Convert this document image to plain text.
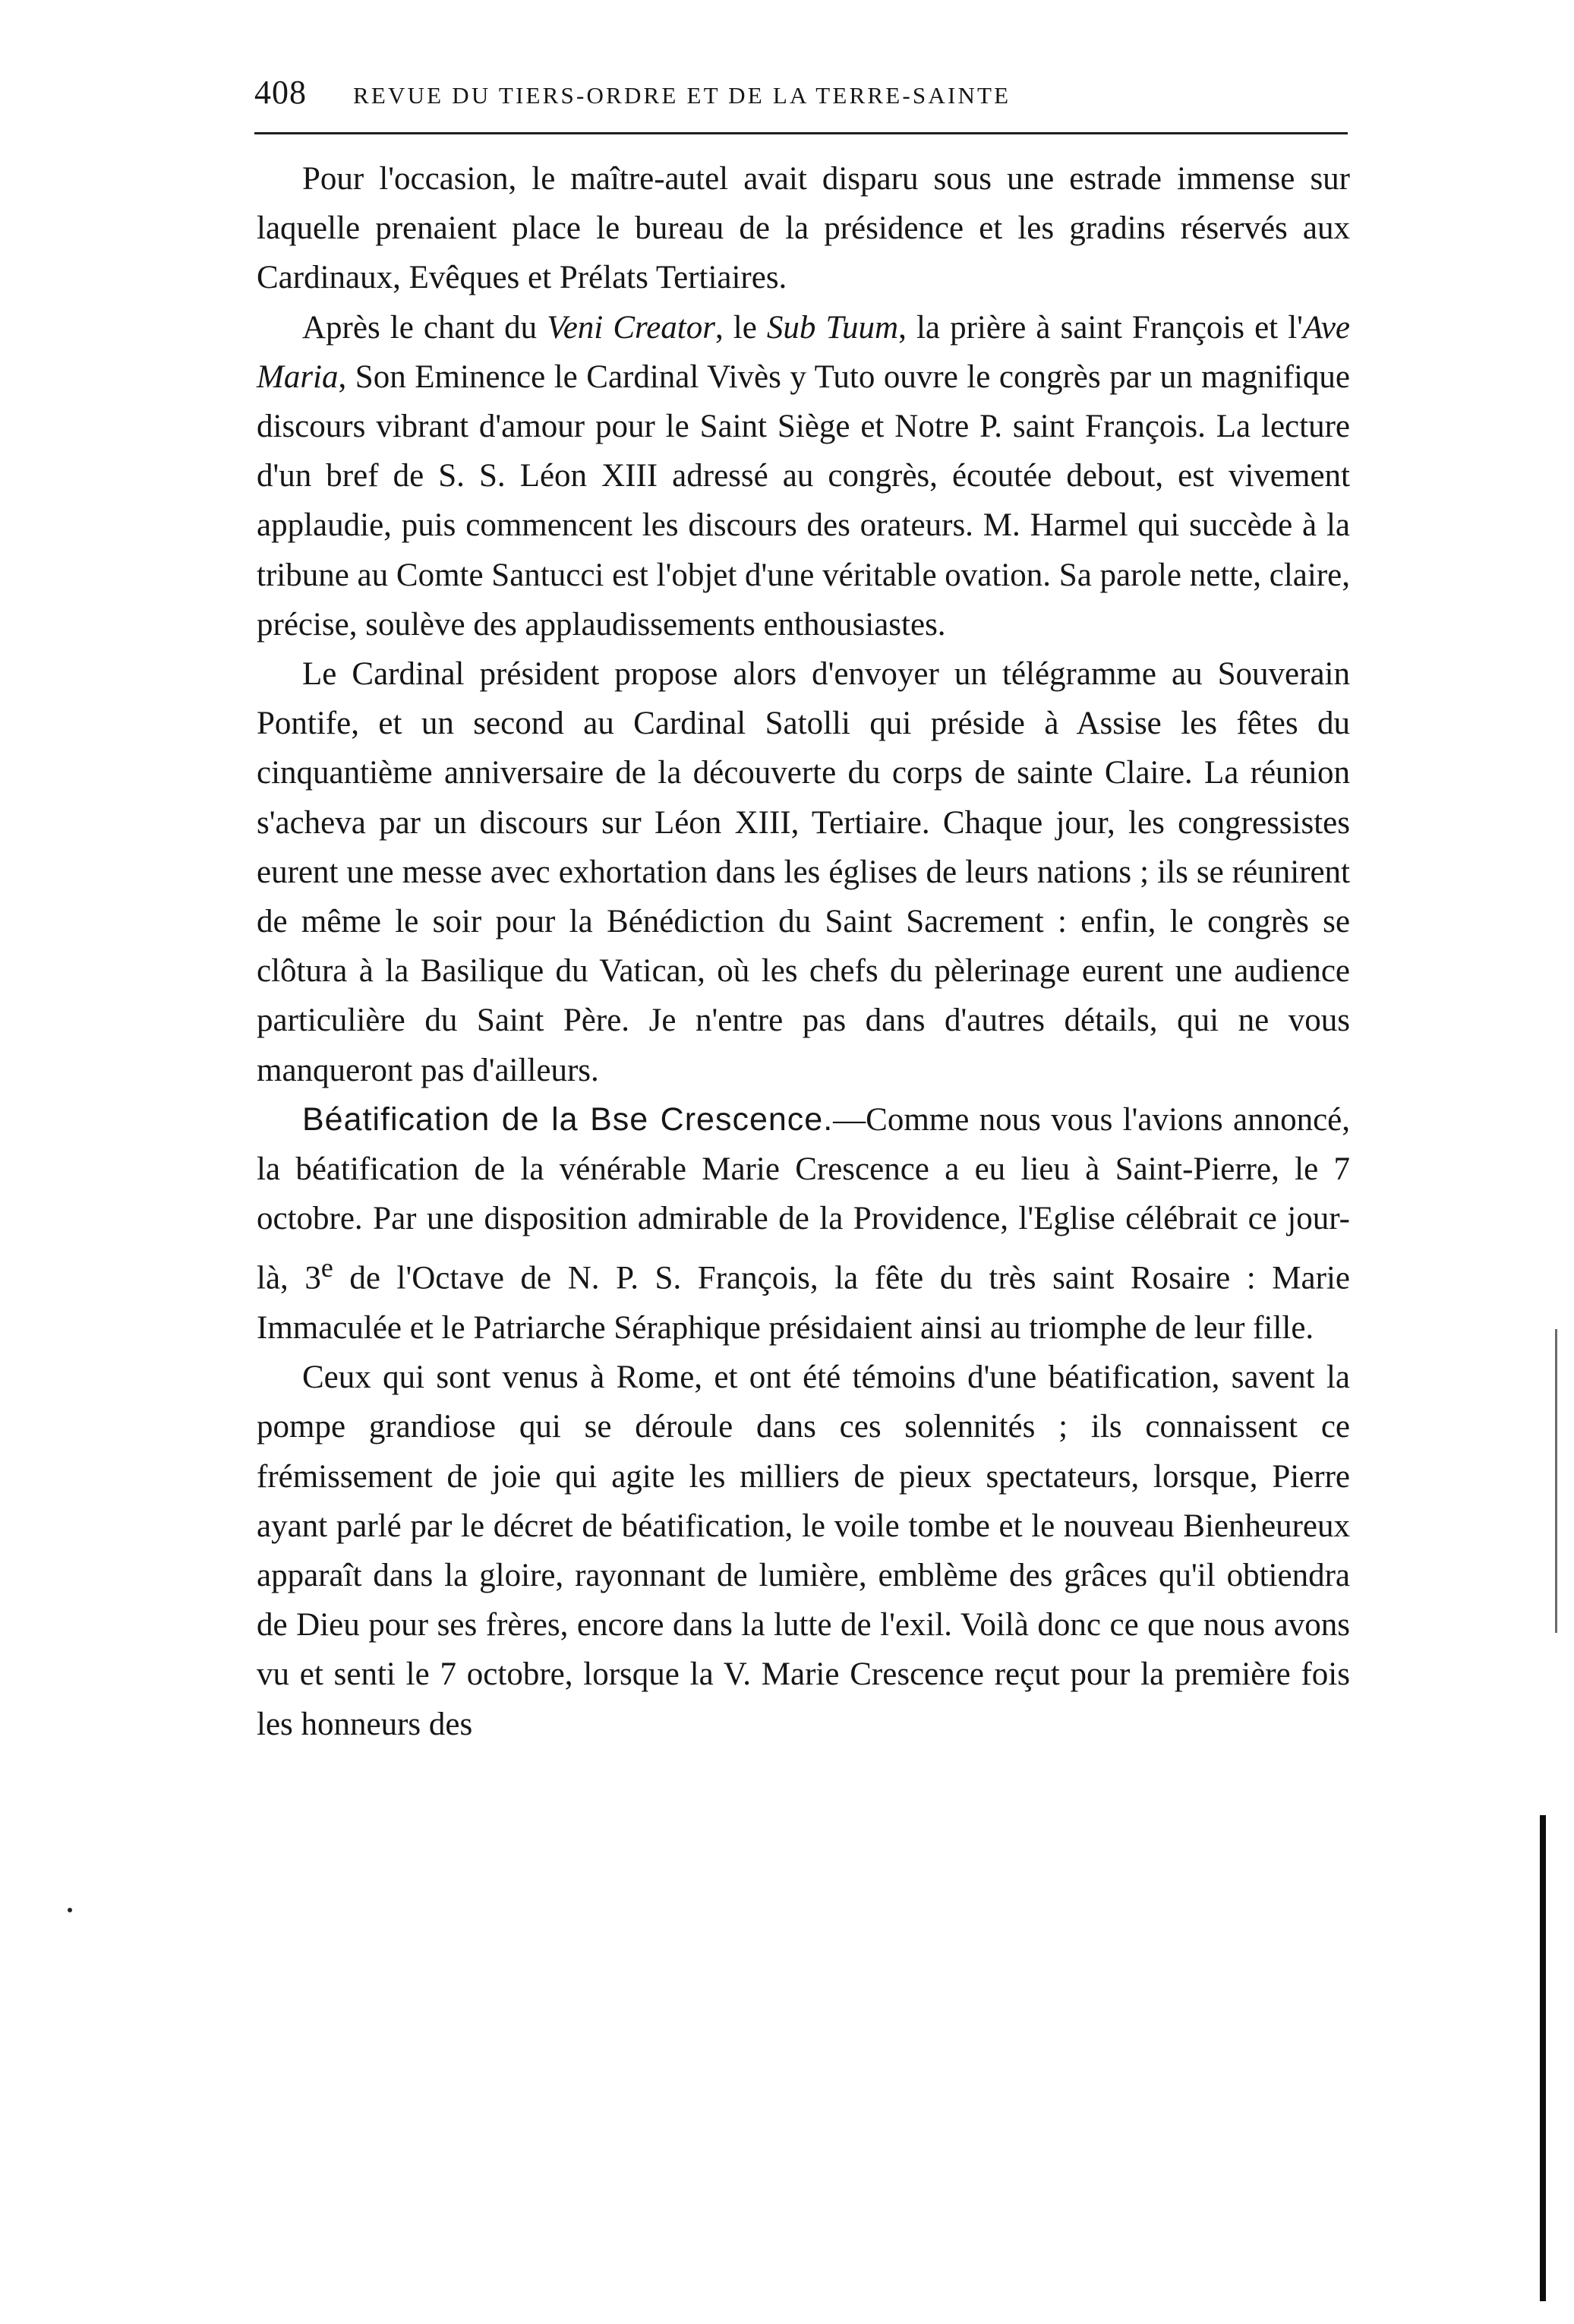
408	REVUE DU TIERS-ORDRE ET DE LA TERRE-SAINTE

Pour l'occasion, le maître-autel avait disparu sous une estrade immense sur laquelle prenaient place le bureau de la présidence et les gradins réservés aux Cardinaux, Evêques et Prélats Tertiaires.

Après le chant du Veni Creator, le Sub Tuum, la prière à saint François et l'Ave Maria, Son Eminence le Cardinal Vivès y Tuto ouvre le congrès par un magnifique discours vibrant d'amour pour le Saint Siège et Notre P. saint François. La lecture d'un bref de S. S. Léon XIII adressé au congrès, écoutée debout, est vivement applaudie, puis commencent les discours des orateurs. M. Harmel qui succède à la tribune au Comte Santucci est l'objet d'une véritable ovation. Sa parole nette, claire, précise, soulève des applaudissements enthousiastes.

Le Cardinal président propose alors d'envoyer un télégramme au Souverain Pontife, et un second au Cardinal Satolli qui préside à Assise les fêtes du cinquantième anniversaire de la découverte du corps de sainte Claire. La réunion s'acheva par un discours sur Léon XIII, Tertiaire. Chaque jour, les congressistes eurent une messe avec exhortation dans les églises de leurs nations ; ils se réunirent de même le soir pour la Bénédiction du Saint Sacrement : enfin, le congrès se clôtura à la Basilique du Vatican, où les chefs du pèlerinage eurent une audience particulière du Saint Père. Je n'entre pas dans d'autres détails, qui ne vous manqueront pas d'ailleurs.

Béatification de la Bse Crescence.—Comme nous vous l'avions annoncé, la béatification de la vénérable Marie Crescence a eu lieu à Saint-Pierre, le 7 octobre. Par une disposition admirable de la Providence, l'Eglise célébrait ce jour-là, 3e de l'Octave de N. P. S. François, la fête du très saint Rosaire : Marie Immaculée et le Patriarche Séraphique présidaient ainsi au triomphe de leur fille.

Ceux qui sont venus à Rome, et ont été témoins d'une béatification, savent la pompe grandiose qui se déroule dans ces solennités ; ils connaissent ce frémissement de joie qui agite les milliers de pieux spectateurs, lorsque, Pierre ayant parlé par le décret de béatification, le voile tombe et le nouveau Bienheureux apparaît dans la gloire, rayonnant de lumière, emblème des grâces qu'il obtiendra de Dieu pour ses frères, encore dans la lutte de l'exil. Voilà donc ce que nous avons vu et senti le 7 octobre, lorsque la V. Marie Crescence reçut pour la première fois les honneurs des
